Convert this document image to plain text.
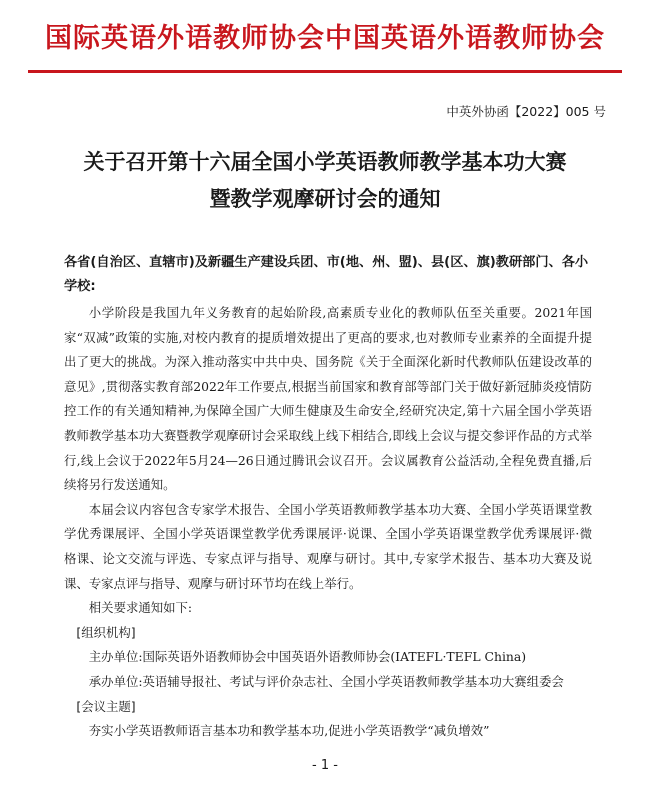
国际英语外语教师协会中国英语外语教师协会
中英外协函【2022】005 号
关于召开第十六届全国小学英语教师教学基本功大赛
暨教学观摩研讨会的通知
各省(自治区、直辖市)及新疆生产建设兵团、市(地、州、盟)、县(区、旗)教研部门、各小学校:

小学阶段是我国九年义务教育的起始阶段,高素质专业化的教师队伍至关重要。2021年国家“双减”政策的实施,对校内教育的提质增效提出了更高的要求,也对教师专业素养的全面提升提出了更大的挑战。为深入推动落实中共中央、国务院《关于全面深化新时代教师队伍建设改革的意见》,贯彻落实教育部2022年工作要点,根据当前国家和教育部等部门关于做好新冠肺炎疫情防控工作的有关通知精神,为保障全国广大师生健康及生命安全,经研究决定,第十六届全国小学英语教师教学基本功大赛暨教学观摩研讨会采取线上线下相结合,即线上会议与提交参评作品的方式举行,线上会议于2022年5月24—26日通过腾讯会议召开。会议属教育公益活动,全程免费直播,后续将另行发送通知。

本届会议内容包含专家学术报告、全国小学英语教师教学基本功大赛、全国小学英语课堂教学优秀课展评、全国小学英语课堂教学优秀课展评·说课、全国小学英语课堂教学优秀课展评·微格课、论文交流与评选、专家点评与指导、观摩与研讨。其中,专家学术报告、基本功大赛及说课、专家点评与指导、观摩与研讨环节均在线上举行。

相关要求通知如下:

[组织机构]

主办单位:国际英语外语教师协会中国英语外语教师协会(IATEFL·TEFL China)

承办单位:英语辅导报社、考试与评价杂志社、全国小学英语教师教学基本功大赛组委会

[会议主题]

夯实小学英语教师语言基本功和教学基本功,促进小学英语教学“减负增效”

- 1 -
